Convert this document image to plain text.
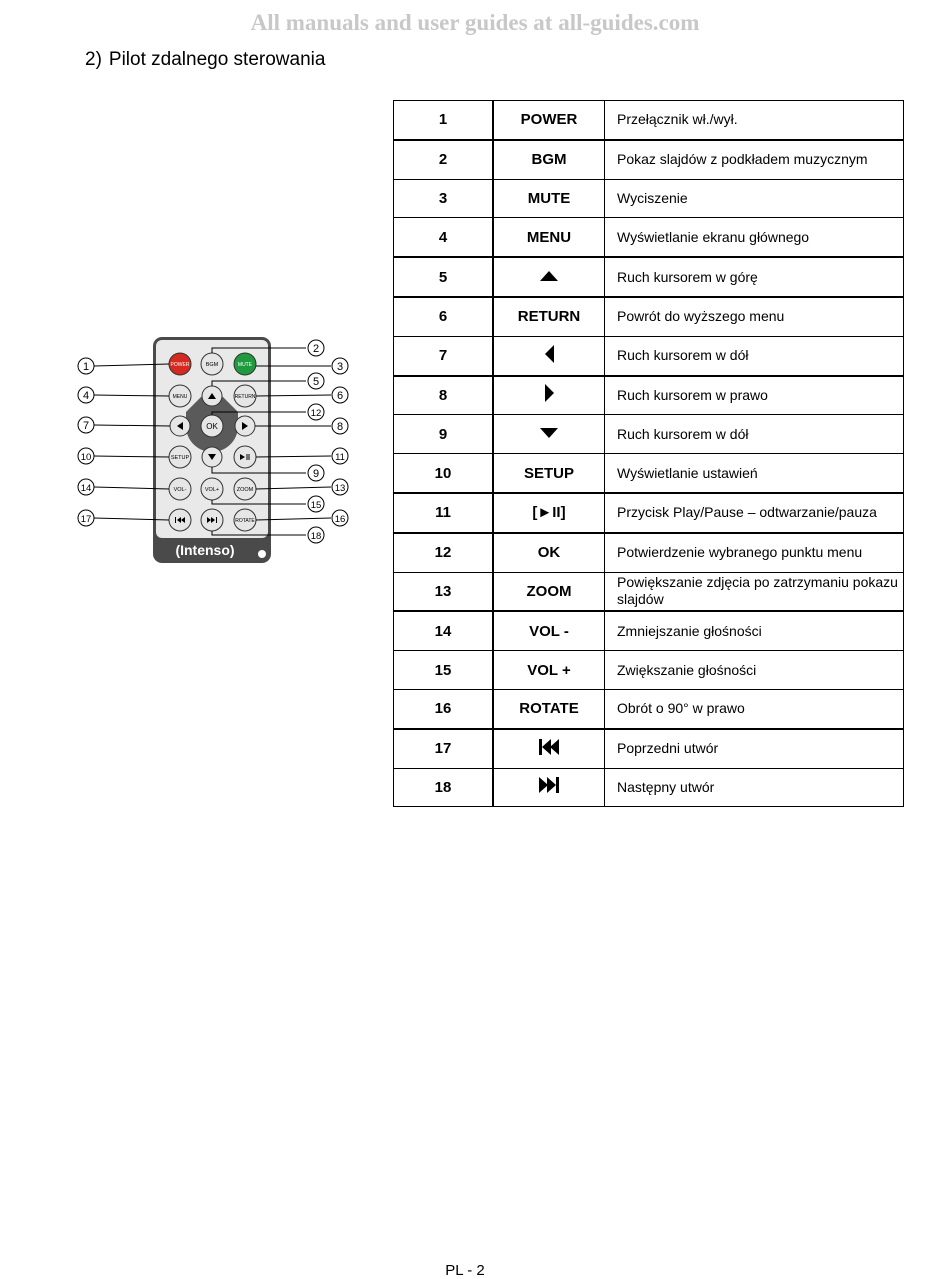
All manuals and user guides at all-guides.com
2) Pilot zdalnego sterowania
POWER	BGM	MUTE
MENU	RETURN
OK
SETUP
VOL-	VOL+	ZOOM
ROTATE
(Intenso)
1
4
7
10
14
17
2
3
5
6
12
8
9
11
15
13
18
16
1	POWER	Przełącznik wł./wył.
2	BGM	Pokaz slajdów z podkładem muzycznym
3	MUTE	Wyciszenie
4	MENU	Wyświetlanie ekranu głównego
5		Ruch kursorem w górę
6	RETURN	Powrót do wyższego menu
7		Ruch kursorem w dół
8		Ruch kursorem w prawo
9		Ruch kursorem w dół
10	SETUP	Wyświetlanie ustawień
11	[►II]	Przycisk Play/Pause – odtwarzanie/pauza
12	OK	Potwierdzenie wybranego punktu menu
13	ZOOM	Powiększanie zdjęcia po zatrzymaniu pokazu slajdów
14	VOL -	Zmniejszanie głośności
15	VOL +	Zwiększanie głośności
16	ROTATE	Obrót o 90° w prawo
17		Poprzedni utwór
18		Następny utwór
PL - 2
